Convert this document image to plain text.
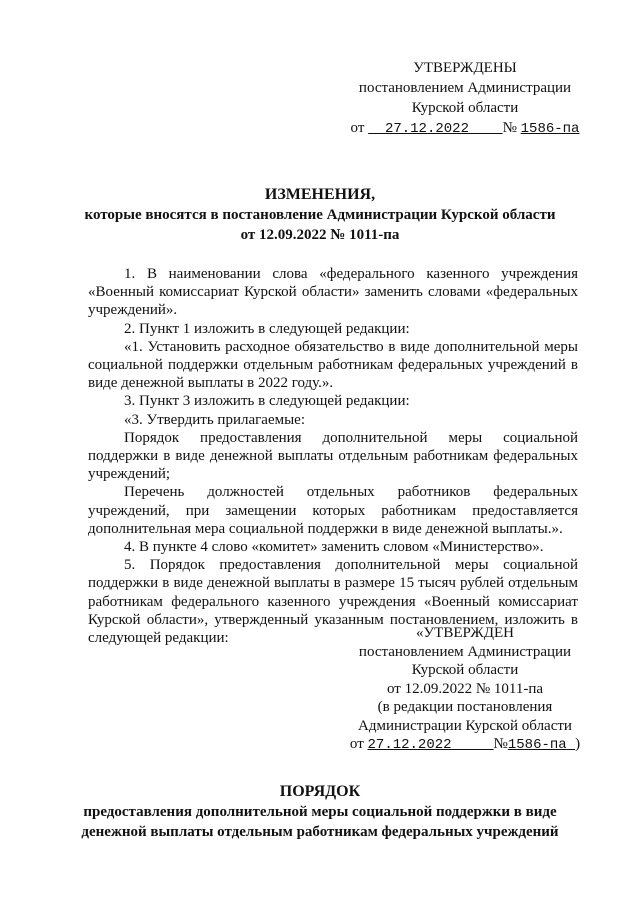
УТВЕРЖДЕНЫ
постановлением Администрации
Курской области
от 27.12.2022 № 1586-па
ИЗМЕНЕНИЯ,
которые вносятся в постановление Администрации Курской области
от 12.09.2022 № 1011-па

1. В наименовании слова «федерального казенного учреждения «Военный комиссариат Курской области» заменить словами «федеральных учреждений».

2. Пункт 1 изложить в следующей редакции:

«1. Установить расходное обязательство в виде дополнительной меры социальной поддержки отдельным работникам федеральных учреждений в виде денежной выплаты в 2022 году.».

3. Пункт 3 изложить в следующей редакции:

«3. Утвердить прилагаемые:

Порядок предоставления дополнительной меры социальной поддержки в виде денежной выплаты отдельным работникам федеральных учреждений;

Перечень должностей отдельных работников федеральных учреждений, при замещении которых работникам предоставляется дополнительная мера социальной поддержки в виде денежной выплаты.».

4. В пункте 4 слово «комитет» заменить словом «Министерство».

5. Порядок предоставления дополнительной меры социальной поддержки в виде денежной выплаты в размере 15 тысяч рублей отдельным работникам федерального казенного учреждения «Военный комиссариат Курской области», утвержденный указанным постановлением, изложить в следующей редакции:	«УТВЕРЖДЕН
постановлением Администрации
Курской области
от 12.09.2022 № 1011-па
(в редакции постановления
Администрации Курской области
от 27.12.2022	№1586-па )
ПОРЯДОК
предоставления дополнительной меры социальной поддержки в виде
денежной выплаты отдельным работникам федеральных учреждений
